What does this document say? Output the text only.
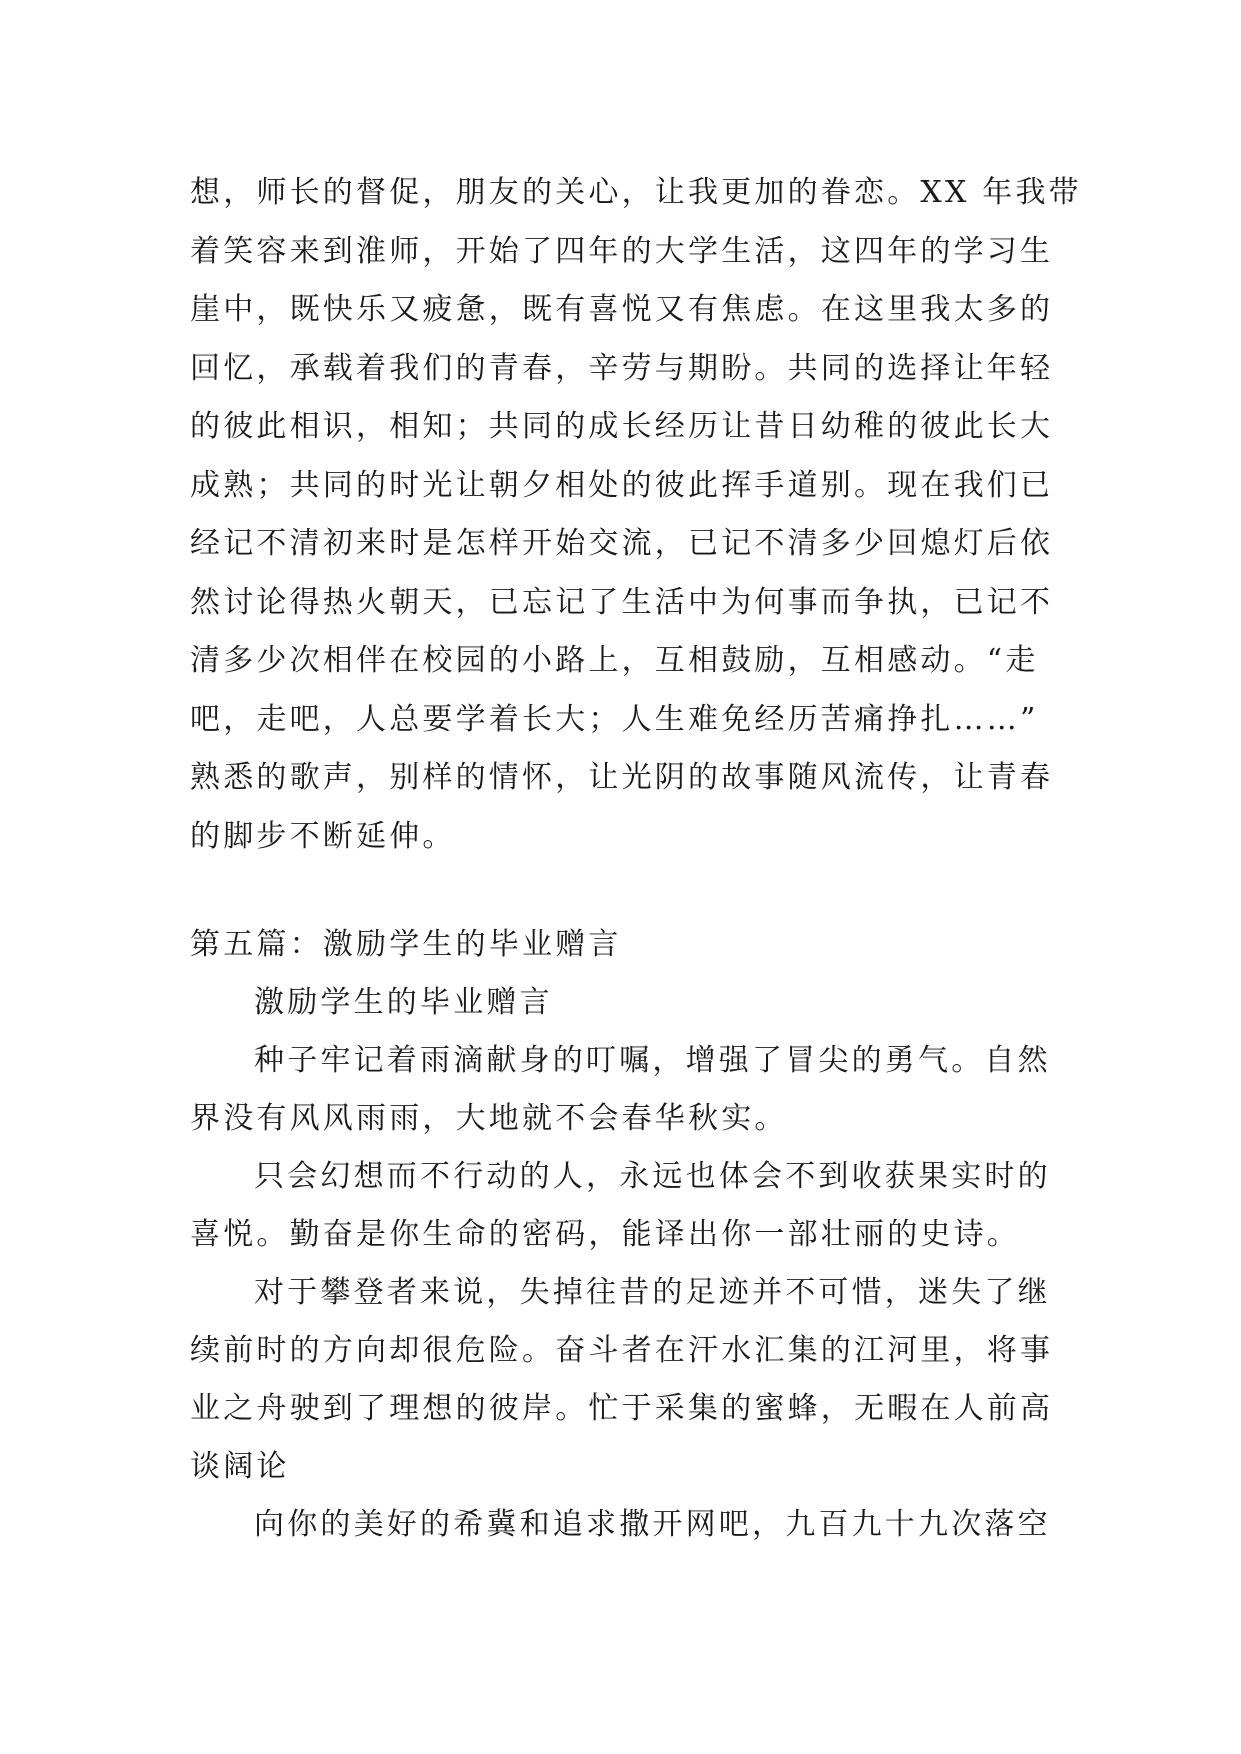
想，师长的督促，朋友的关心，让我更加的眷恋。XX 年我带
着笑容来到淮师，开始了四年的大学生活，这四年的学习生
崖中，既快乐又疲惫，既有喜悦又有焦虑。在这里我太多的
回忆，承载着我们的青春，辛劳与期盼。共同的选择让年轻
的彼此相识，相知；共同的成长经历让昔日幼稚的彼此长大
成熟；共同的时光让朝夕相处的彼此挥手道别。现在我们已
经记不清初来时是怎样开始交流，已记不清多少回熄灯后依
然讨论得热火朝天，已忘记了生活中为何事而争执，已记不
清多少次相伴在校园的小路上，互相鼓励，互相感动。“走
吧，走吧，人总要学着长大；人生难免经历苦痛挣扎……”
熟悉的歌声，别样的情怀，让光阴的故事随风流传，让青春
的脚步不断延伸。
第五篇：激励学生的毕业赠言
激励学生的毕业赠言
种子牢记着雨滴献身的叮嘱，增强了冒尖的勇气。自然
界没有风风雨雨，大地就不会春华秋实。
只会幻想而不行动的人，永远也体会不到收获果实时的
喜悦。勤奋是你生命的密码，能译出你一部壮丽的史诗。
对于攀登者来说，失掉往昔的足迹并不可惜，迷失了继
续前时的方向却很危险。奋斗者在汗水汇集的江河里，将事
业之舟驶到了理想的彼岸。忙于采集的蜜蜂，无暇在人前高
谈阔论
向你的美好的希冀和追求撒开网吧，九百九十九次落空
